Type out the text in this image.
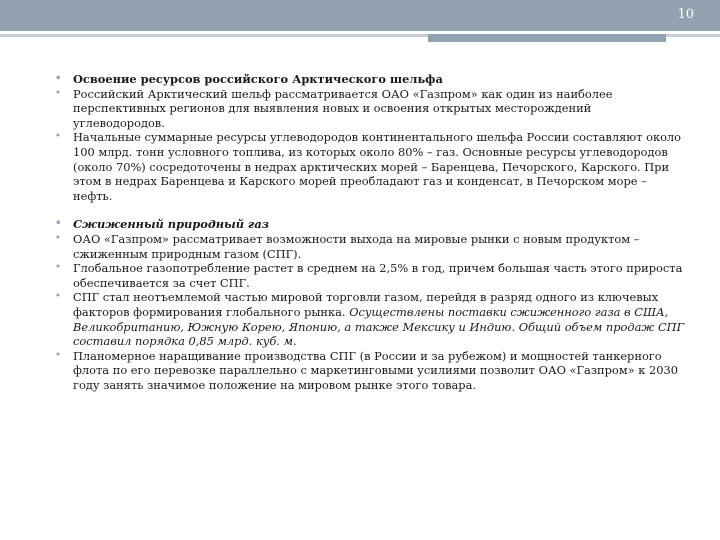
10
• Освоение ресурсов российского Арктического шельфа
• Российский Арктический шельф рассматривается ОАО «Газпром» как один из наиболее перспективных регионов для выявления новых и освоения открытых месторождений углеводородов.
• Начальные суммарные ресурсы углеводородов континентального шельфа России составляют около 100 млрд. тонн условного топлива, из которых около 80% – газ. Основные ресурсы углеводородов (около 70%) сосредоточены в недрах арктических морей – Баренцева, Печорского, Карского. При этом в недрах Баренцева и Карского морей преобладают газ и конденсат, в Печорском море – нефть.
• Сжиженный природный газ
• ОАО «Газпром» рассматривает возможности выхода на мировые рынки с новым продуктом – сжиженным природным газом (СПГ).
• Глобальное газопотребление растет в среднем на 2,5% в год, причем большая часть этого прироста обеспечивается за счет СПГ.
• СПГ стал неотъемлемой частью мировой торговли газом, перейдя в разряд одного из ключевых факторов формирования глобального рынка. Осуществлены поставки сжиженного газа в США, Великобританию, Южную Корею, Японию, а также Мексику и Индию. Общий объем продаж СПГ составил порядка 0,85 млрд. куб. м.
• Планомерное наращивание производства СПГ (в России и за рубежом) и мощностей танкерного флота по его перевозке параллельно с маркетинговыми усилиями позволит ОАО «Газпром» к 2030 году занять значимое положение на мировом рынке этого товара.
